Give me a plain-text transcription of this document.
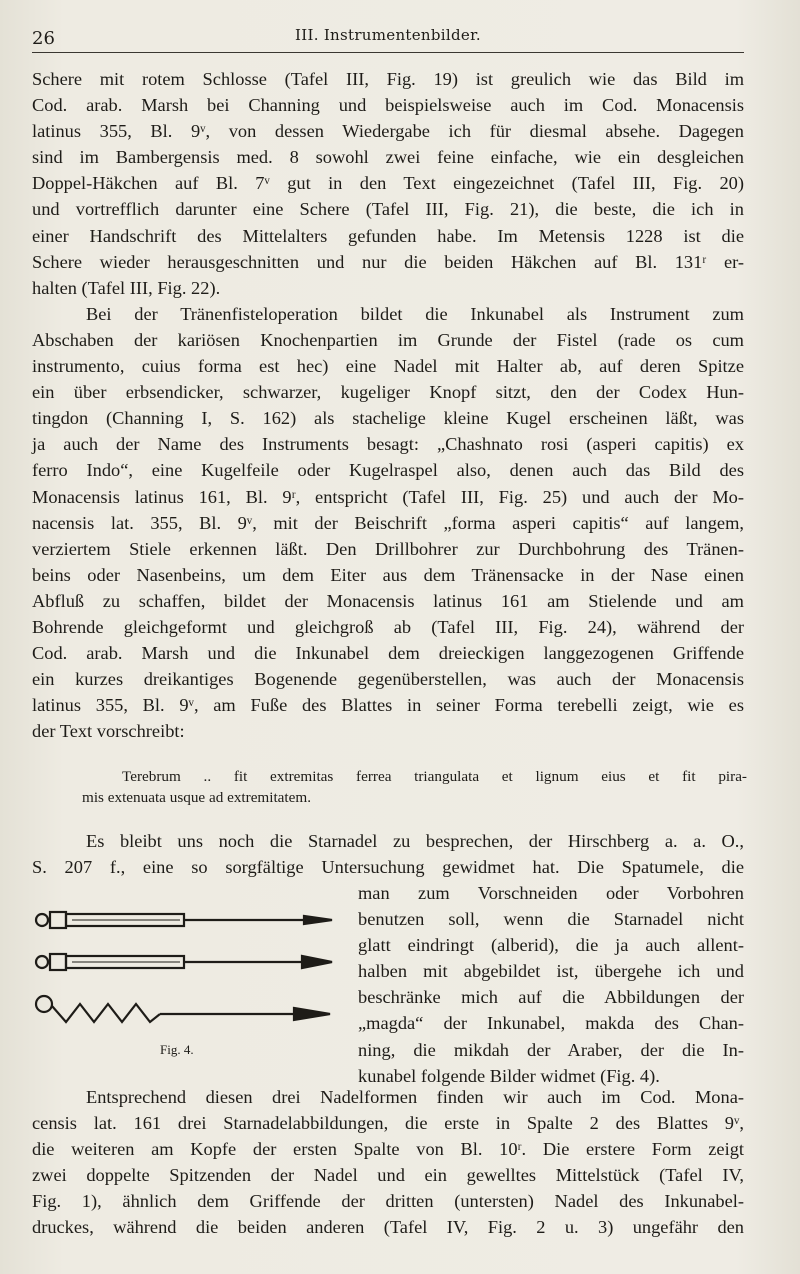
26	III. Instrumentenbilder.
Schere mit rotem Schlosse (Tafel III, Fig. 19) ist greulich wie das Bild im
Cod. arab. Marsh bei Channing und beispielsweise auch im Cod. Monacensis
latinus 355, Bl. 9ᵛ, von dessen Wiedergabe ich für diesmal absehe. Dagegen
sind im Bambergensis med. 8 sowohl zwei feine einfache, wie ein desgleichen
Doppel-Häkchen auf Bl. 7ᵛ gut in den Text eingezeichnet (Tafel III, Fig. 20)
und vortrefflich darunter eine Schere (Tafel III, Fig. 21), die beste, die ich in
einer Handschrift des Mittelalters gefunden habe. Im Metensis 1228 ist die
Schere wieder herausgeschnitten und nur die beiden Häkchen auf Bl. 131ʳ er-
halten (Tafel III, Fig. 22).
Bei der Tränenfisteloperation bildet die Inkunabel als Instrument zum
Abschaben der kariösen Knochenpartien im Grunde der Fistel (rade os cum
instrumento, cuius forma est hec) eine Nadel mit Halter ab, auf deren Spitze
ein über erbsendicker, schwarzer, kugeliger Knopf sitzt, den der Codex Hun-
tingdon (Channing I, S. 162) als stachelige kleine Kugel erscheinen läßt, was
ja auch der Name des Instruments besagt: „Chashnato rosi (asperi capitis) ex
ferro Indo“, eine Kugelfeile oder Kugelraspel also, denen auch das Bild des
Monacensis latinus 161, Bl. 9ʳ, entspricht (Tafel III, Fig. 25) und auch der Mo-
nacensis lat. 355, Bl. 9ᵛ, mit der Beischrift „forma asperi capitis“ auf langem,
verziertem Stiele erkennen läßt. Den Drillbohrer zur Durchbohrung des Tränen-
beins oder Nasenbeins, um dem Eiter aus dem Tränensacke in der Nase einen
Abfluß zu schaffen, bildet der Monacensis latinus 161 am Stielende und am
Bohrende gleichgeformt und gleichgroß ab (Tafel III, Fig. 24), während der
Cod. arab. Marsh und die Inkunabel dem dreieckigen langgezogenen Griffende
ein kurzes dreikantiges Bogenende gegenüberstellen, was auch der Monacensis
latinus 355, Bl. 9ᵛ, am Fuße des Blattes in seiner Forma terebelli zeigt, wie es
der Text vorschreibt:
Terebrum .. fit extremitas ferrea triangulata et lignum eius et fit pira-
mis extenuata usque ad extremitatem.
Es bleibt uns noch die Starnadel zu besprechen, der Hirschberg a. a. O.,
S. 207 f., eine so sorgfältige Untersuchung gewidmet hat. Die Spatumele, die
Fig. 4.
man zum Vorschneiden oder Vorbohren
benutzen soll, wenn die Starnadel nicht
glatt eindringt (alberid), die ja auch allent-
halben mit abgebildet ist, übergehe ich und
beschränke mich auf die Abbildungen der
„magda“ der Inkunabel, makda des Chan-
ning, die mikdah der Araber, der die In-
kunabel folgende Bilder widmet (Fig. 4).
Entsprechend diesen drei Nadelformen finden wir auch im Cod. Mona-
censis lat. 161 drei Starnadelabbildungen, die erste in Spalte 2 des Blattes 9ᵛ,
die weiteren am Kopfe der ersten Spalte von Bl. 10ʳ. Die erstere Form zeigt
zwei doppelte Spitzenden der Nadel und ein gewelltes Mittelstück (Tafel IV,
Fig. 1), ähnlich dem Griffende der dritten (untersten) Nadel des Inkunabel-
druckes, während die beiden anderen (Tafel IV, Fig. 2 u. 3) ungefähr den
